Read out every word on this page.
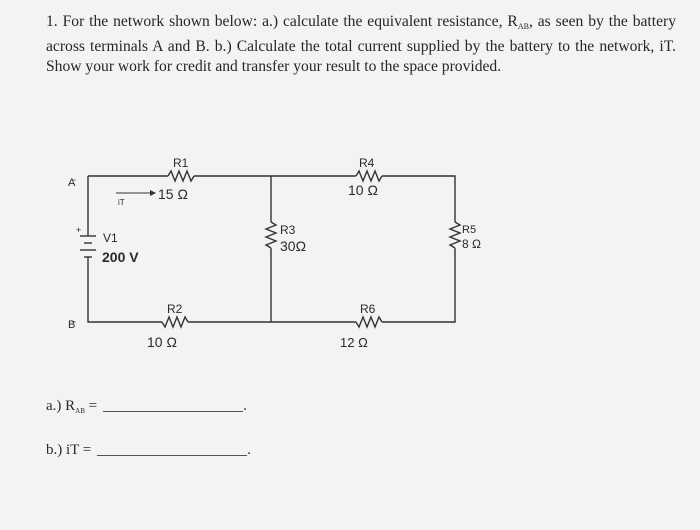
1. For the network shown below: a.) calculate the equivalent resistance, $R_{AB}$, as seen by the battery across terminals A and B. b.) Calculate the total current supplied by the battery to the network, iT. Show your work for credit and transfer your result to the space provided.

A
B
iT
+
V1
200 V
R1
15 Ω
R4
10 Ω
R3
30Ω
R5
8 Ω
R2
10 Ω
R6
12 Ω
a.) $R_{AB}$ =	.
b.) iT =	.
